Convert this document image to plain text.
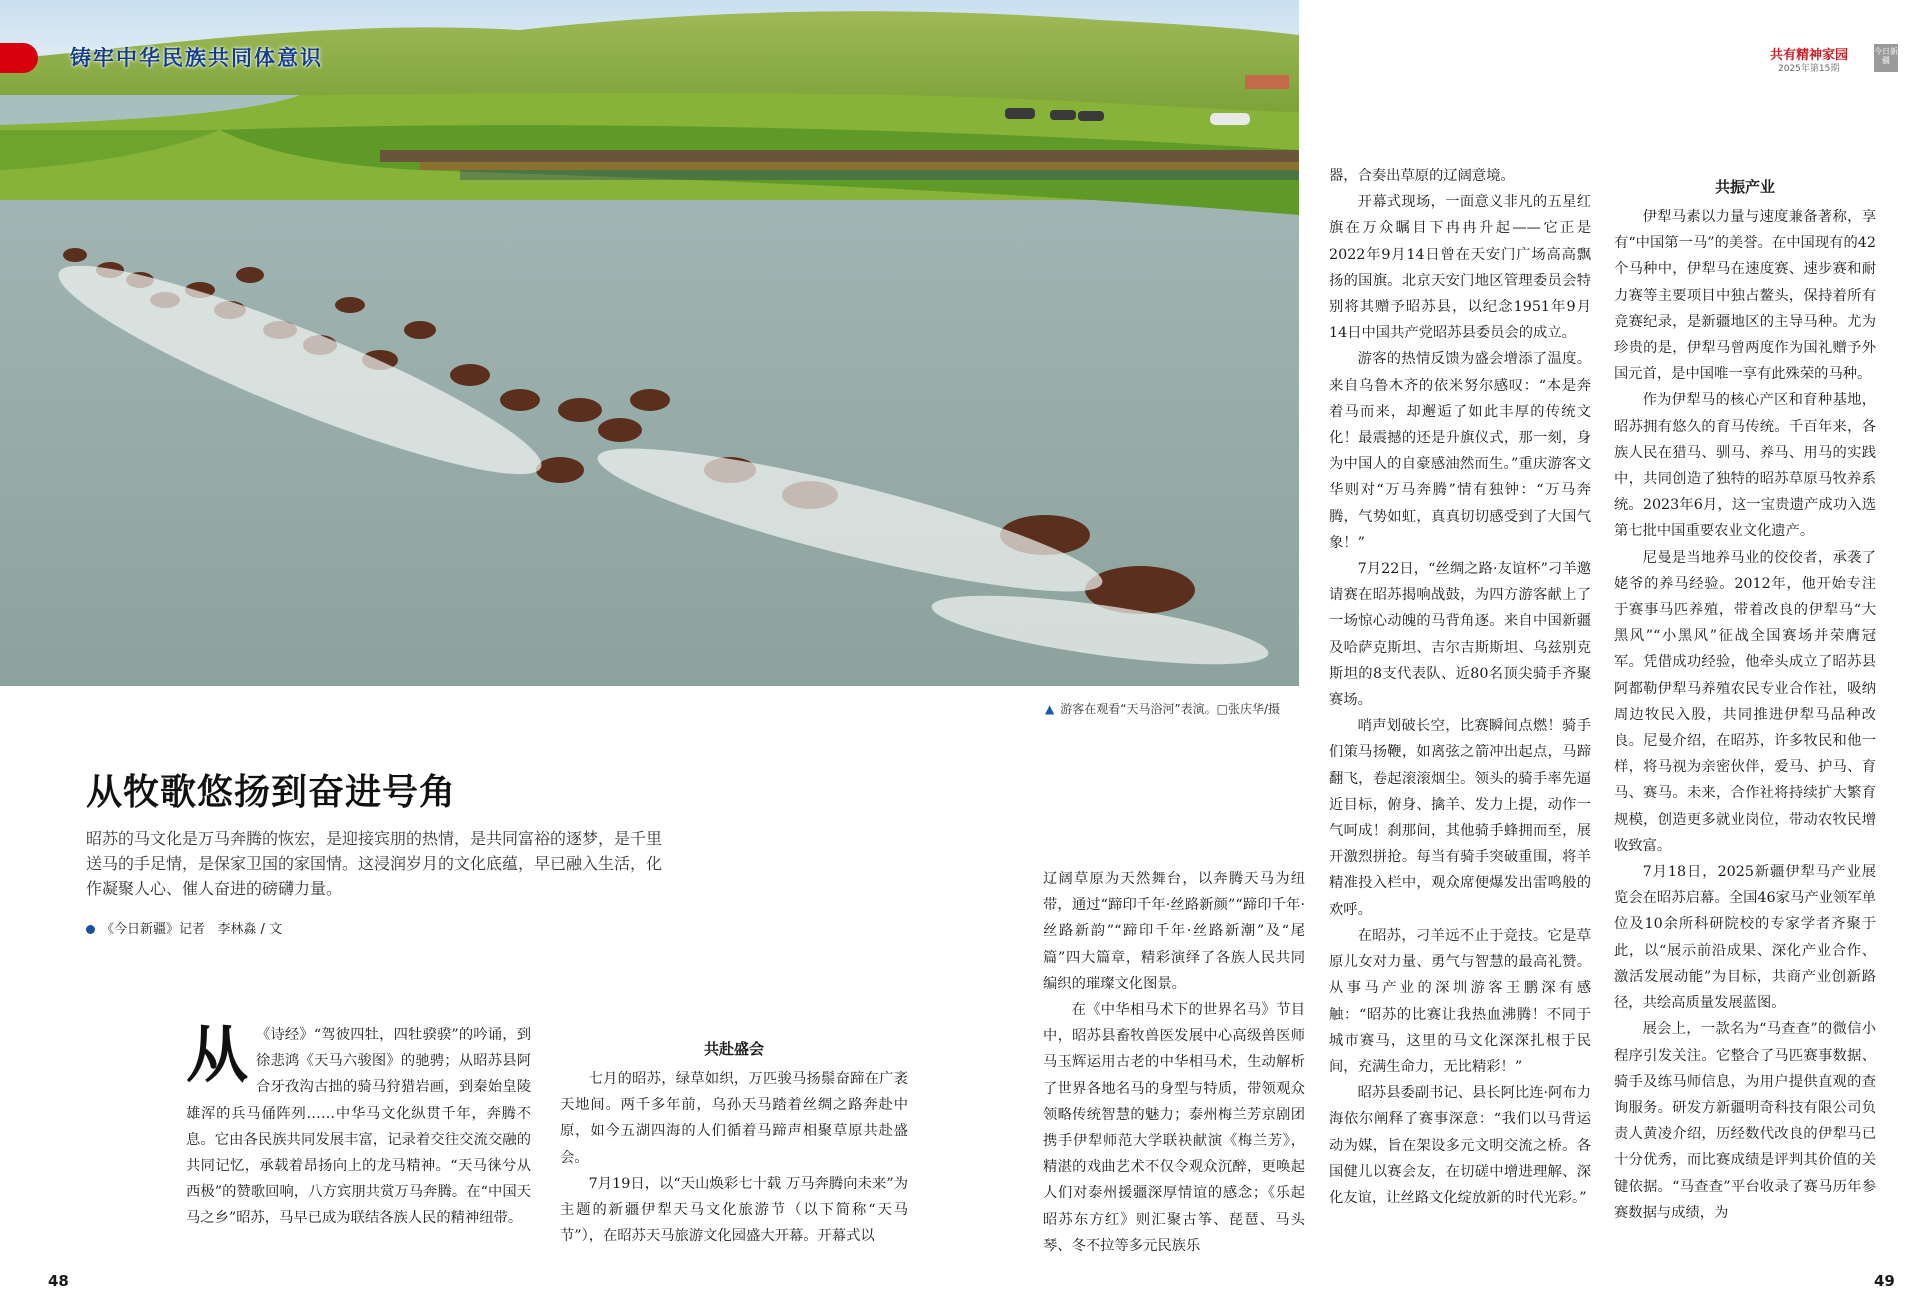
铸牢中华民族共同体意识	共有精神家园
2025年第15期
今日新疆
▲ 游客在观看“天马浴河”表演。□张庆华/摄
从牧歌悠扬到奋进号角
昭苏的马文化是万马奔腾的恢宏，是迎接宾朋的热情，是共同富裕的逐梦，是千里送马的手足情，是保家卫国的家国情。这浸润岁月的文化底蕴，早已融入生活，化作凝聚人心、催人奋进的磅礴力量。
《今日新疆》记者 李林淼 / 文
从 《诗经》“驾彼四牡，四牡骙骙”的吟诵，到徐悲鸿《天马六骏图》的驰骋；从昭苏县阿合牙孜沟古拙的骑马狩猎岩画，到秦始皇陵雄浑的兵马俑阵列……中华马文化纵贯千年，奔腾不息。它由各民族共同发展丰富，记录着交往交流交融的共同记忆，承载着昂扬向上的龙马精神。“天马徕兮从西极”的赞歌回响，八方宾朋共赏万马奔腾。在“中国天马之乡”昭苏，马早已成为联结各族人民的精神纽带。

共赴盛会

七月的昭苏，绿草如织，万匹骏马扬鬃奋蹄在广袤天地间。两千多年前，乌孙天马踏着丝绸之路奔赴中原，如今五湖四海的人们循着马蹄声相聚草原共赴盛会。

7月19日，以“天山焕彩七十载 万马奔腾向未来”为主题的新疆伊犁天马文化旅游节（以下简称“天马节”），在昭苏天马旅游文化园盛大开幕。开幕式以

辽阔草原为天然舞台，以奔腾天马为纽带，通过“蹄印千年·丝路新颜”“蹄印千年·丝路新韵”“蹄印千年·丝路新潮”及“尾篇”四大篇章，精彩演绎了各族人民共同编织的璀璨文化图景。

在《中华相马术下的世界名马》节目中，昭苏县畜牧兽医发展中心高级兽医师马玉辉运用古老的中华相马术，生动解析了世界各地名马的身型与特质，带领观众领略传统智慧的魅力；泰州梅兰芳京剧团携手伊犁师范大学联袂献演《梅兰芳》，精湛的戏曲艺术不仅令观众沉醉，更唤起人们对泰州援疆深厚情谊的感念；《乐起昭苏东方红》则汇聚古筝、琵琶、马头琴、冬不拉等多元民族乐

器，合奏出草原的辽阔意境。

开幕式现场，一面意义非凡的五星红旗在万众瞩目下冉冉升起——它正是2022年9月14日曾在天安门广场高高飘扬的国旗。北京天安门地区管理委员会特别将其赠予昭苏县，以纪念1951年9月14日中国共产党昭苏县委员会的成立。

游客的热情反馈为盛会增添了温度。来自乌鲁木齐的依米努尔感叹：“本是奔着马而来，却邂逅了如此丰厚的传统文化！最震撼的还是升旗仪式，那一刻，身为中国人的自豪感油然而生。”重庆游客文华则对“万马奔腾”情有独钟：“万马奔腾，气势如虹，真真切切感受到了大国气象！”

7月22日，“丝绸之路·友谊杯”刁羊邀请赛在昭苏揭响战鼓，为四方游客献上了一场惊心动魄的马背角逐。来自中国新疆及哈萨克斯坦、吉尔吉斯斯坦、乌兹别克斯坦的8支代表队、近80名顶尖骑手齐聚赛场。

哨声划破长空，比赛瞬间点燃！骑手们策马扬鞭，如离弦之箭冲出起点，马蹄翻飞，卷起滚滚烟尘。领头的骑手率先逼近目标，俯身、擒羊、发力上提，动作一气呵成！刹那间，其他骑手蜂拥而至，展开激烈拼抢。每当有骑手突破重围，将羊精准投入栏中，观众席便爆发出雷鸣般的欢呼。

在昭苏，刁羊远不止于竞技。它是草原儿女对力量、勇气与智慧的最高礼赞。从事马产业的深圳游客王鹏深有感触：“昭苏的比赛让我热血沸腾！不同于城市赛马，这里的马文化深深扎根于民间，充满生命力，无比精彩！”

昭苏县委副书记、县长阿比连·阿布力海依尔阐释了赛事深意：“我们以马背运动为媒，旨在架设多元文明交流之桥。各国健儿以赛会友，在切磋中增进理解、深化友谊，让丝路文化绽放新的时代光彩。”

共振产业

伊犁马素以力量与速度兼备著称，享有“中国第一马”的美誉。在中国现有的42个马种中，伊犁马在速度赛、速步赛和耐力赛等主要项目中独占鳌头，保持着所有竞赛纪录，是新疆地区的主导马种。尤为珍贵的是，伊犁马曾两度作为国礼赠予外国元首，是中国唯一享有此殊荣的马种。

作为伊犁马的核心产区和育种基地，昭苏拥有悠久的育马传统。千百年来，各族人民在猎马、驯马、养马、用马的实践中，共同创造了独特的昭苏草原马牧养系统。2023年6月，这一宝贵遗产成功入选第七批中国重要农业文化遗产。

尼曼是当地养马业的佼佼者，承袭了姥爷的养马经验。2012年，他开始专注于赛事马匹养殖，带着改良的伊犁马“大黑风”“小黑风”征战全国赛场并荣膺冠军。凭借成功经验，他牵头成立了昭苏县阿都勒伊犁马养殖农民专业合作社，吸纳周边牧民入股，共同推进伊犁马品种改良。尼曼介绍，在昭苏，许多牧民和他一样，将马视为亲密伙伴，爱马、护马、育马、赛马。未来，合作社将持续扩大繁育规模，创造更多就业岗位，带动农牧民增收致富。

7月18日，2025新疆伊犁马产业展览会在昭苏启幕。全国46家马产业领军单位及10余所科研院校的专家学者齐聚于此，以“展示前沿成果、深化产业合作、激活发展动能”为目标，共商产业创新路径，共绘高质量发展蓝图。

展会上，一款名为“马查查”的微信小程序引发关注。它整合了马匹赛事数据、骑手及练马师信息，为用户提供直观的查询服务。研发方新疆明奇科技有限公司负责人黄凌介绍，历经数代改良的伊犁马已十分优秀，而比赛成绩是评判其价值的关键依据。“马查查”平台收录了赛马历年参赛数据与成绩，为

48	49
